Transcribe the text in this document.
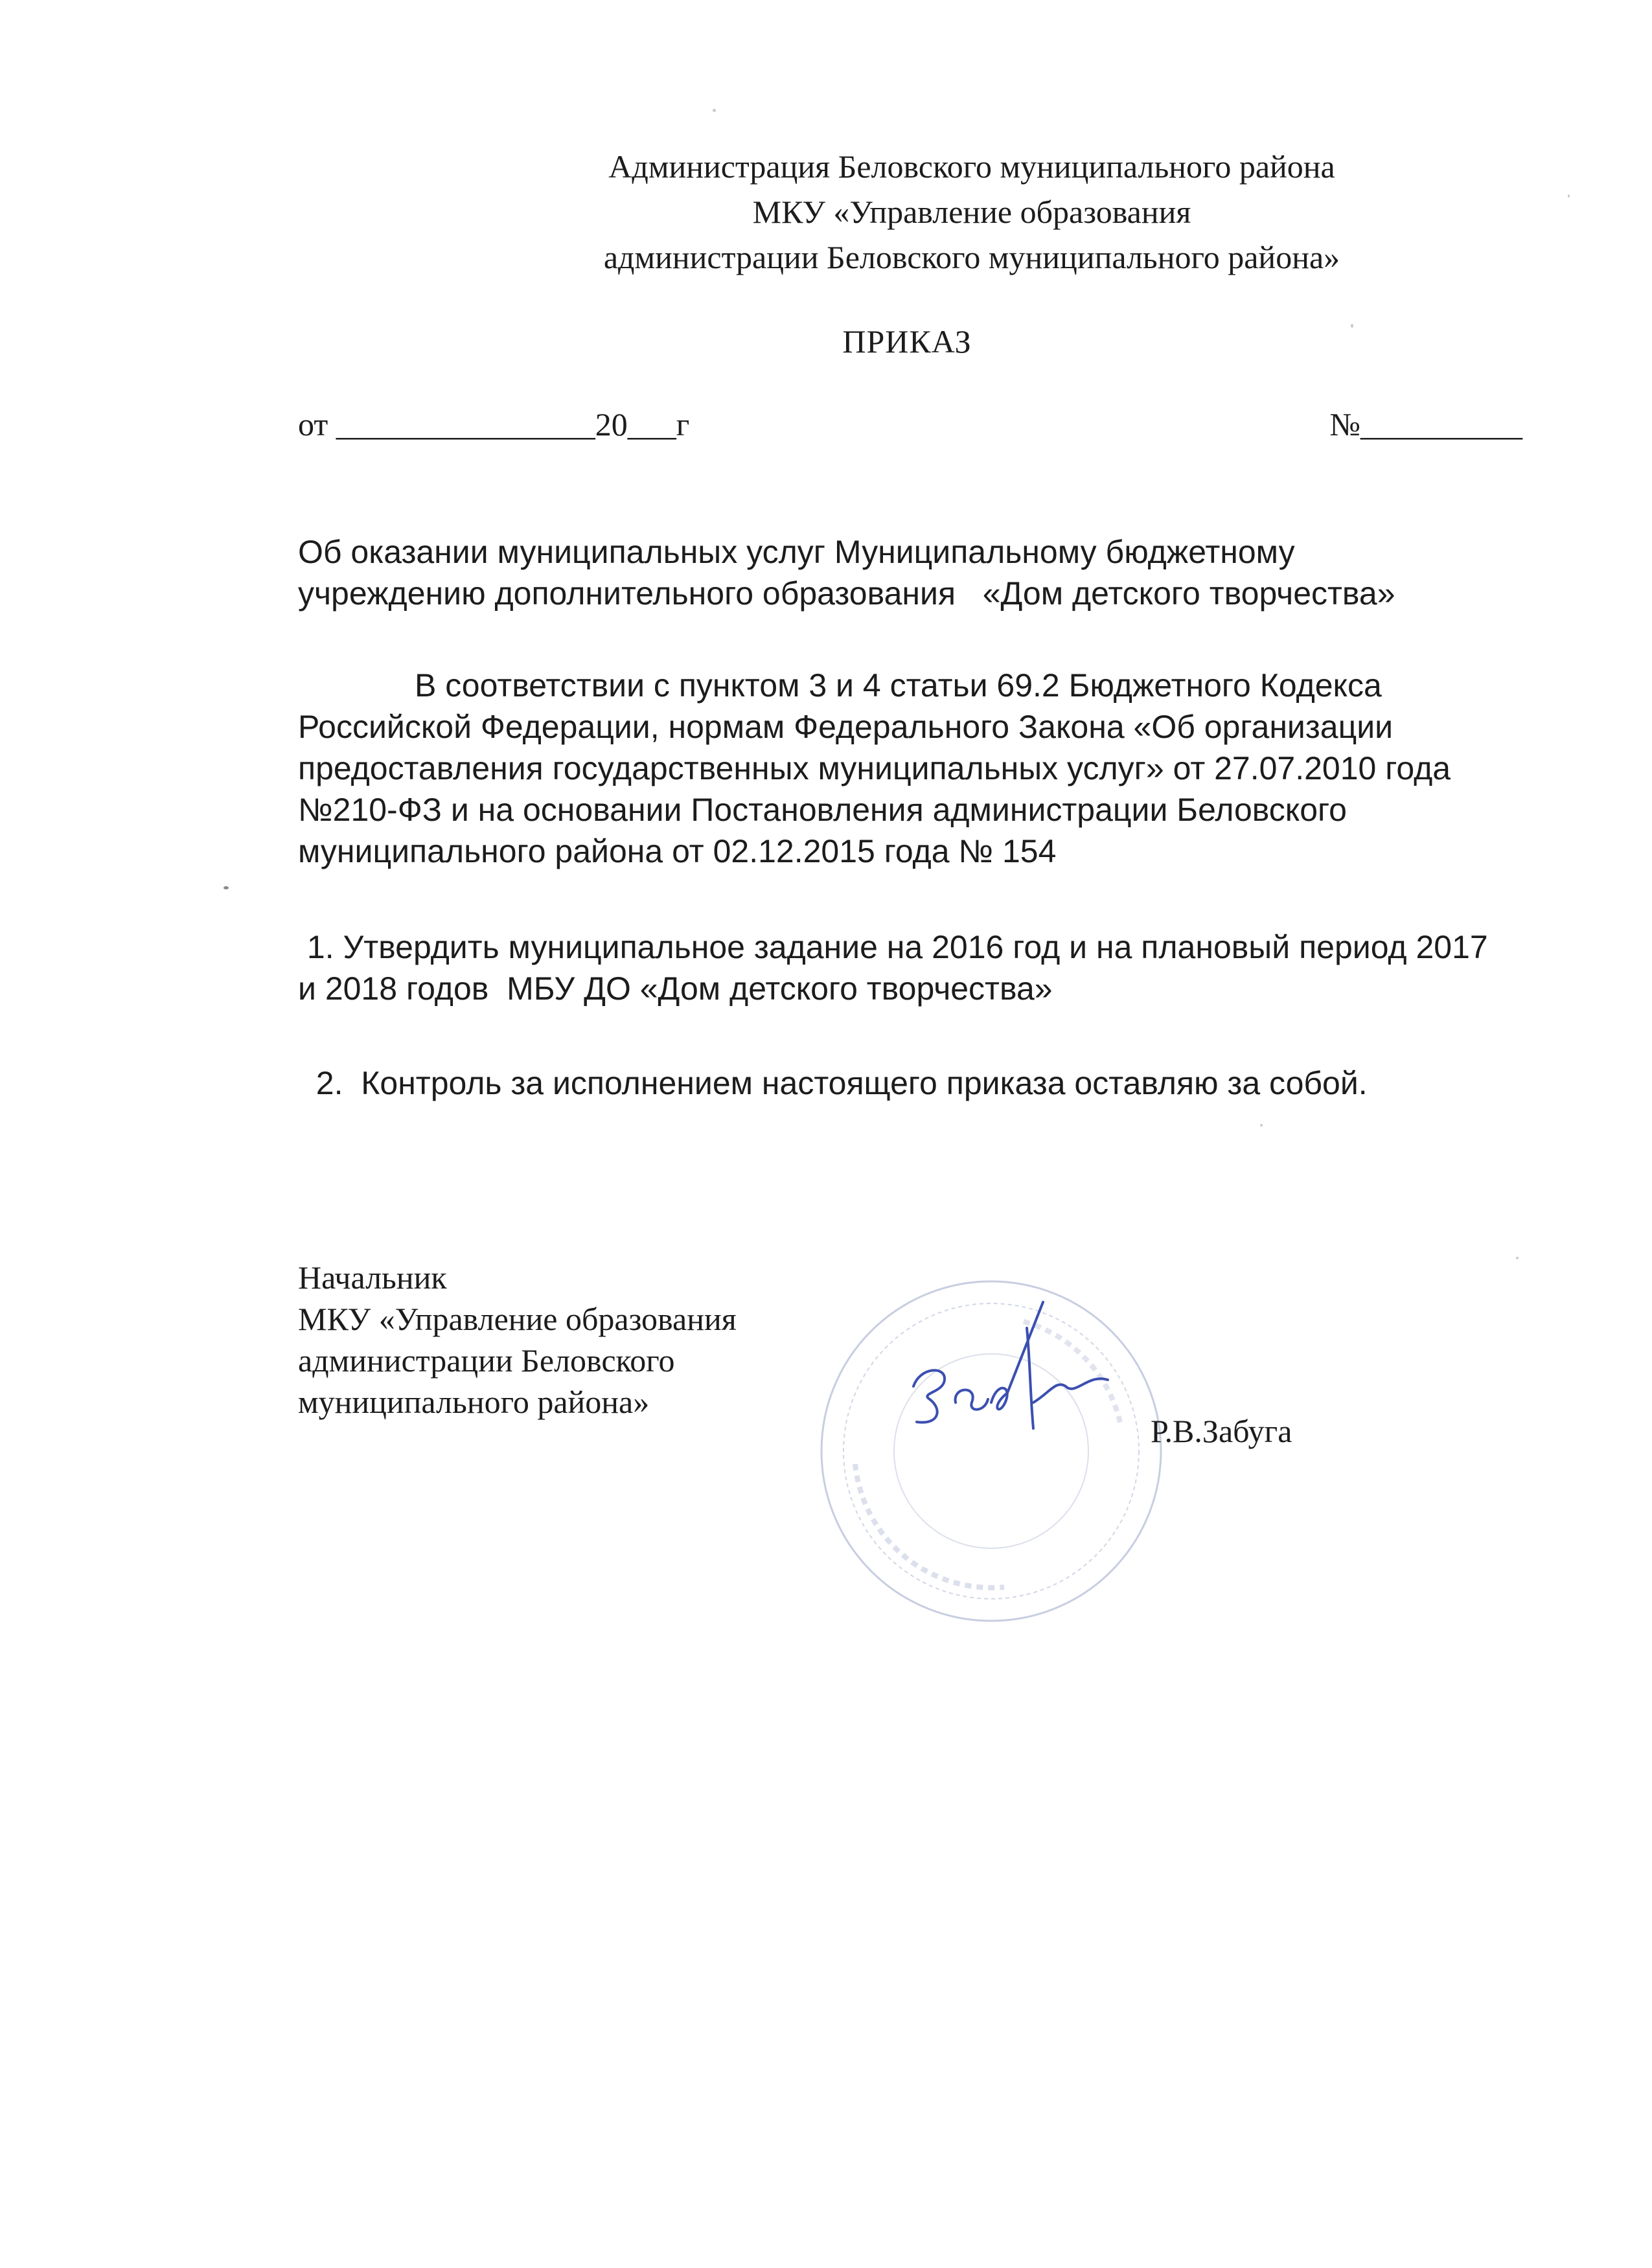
Администрация Беловского муниципального района
МКУ «Управление образования
администрации Беловского муниципального района»
ПРИКАЗ
от ________________20___г	№__________
Об оказании муниципальных услуг Муниципальному бюджетному
учреждению дополнительного образования   «Дом детского творчества»
В соответствии с пунктом 3 и 4 статьи 69.2 Бюджетного Кодекса
Российской Федерации, нормам Федерального Закона «Об организации
предоставления государственных муниципальных услуг» от 27.07.2010 года
№210-ФЗ и на основании Постановления администрации Беловского
муниципального района от 02.12.2015 года № 154
1. Утвердить муниципальное задание на 2016 год и на плановый период 2017
и 2018 годов  МБУ ДО «Дом детского творчества»
2.  Контроль за исполнением настоящего приказа оставляю за собой.
Начальник
МКУ «Управление образования
администрации Беловского
муниципального района»
Р.В.Забуга
